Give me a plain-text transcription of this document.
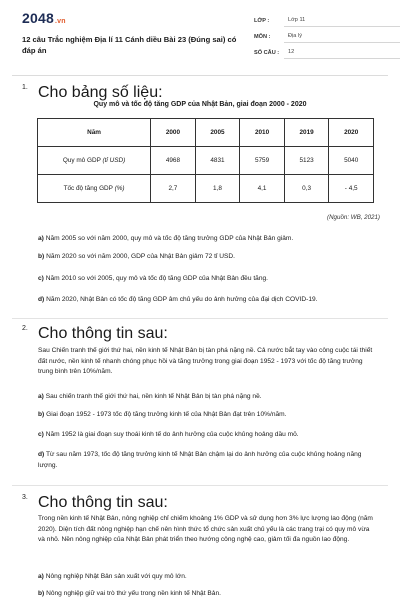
2048.vn
12 câu Trắc nghiệm Địa lí 11 Cánh diều Bài 23 (Đúng sai) có đáp án
LỚP :	Lớp 11
MÔN :	Địa lý
SỐ CÂU :	12
1. Cho bảng số liệu:
Quy mô và tốc độ tăng GDP của Nhật Bản, giai đoạn 2000 - 2020
Năm	2000	2005	2010	2019	2020
Quy mô GDP (tỉ USD)	4968	4831	5759	5123	5040
Tốc độ tăng GDP (%)	2,7	1,8	4,1	0,3	- 4,5
(Nguồn: WB, 2021)
a) Năm 2005 so với năm 2000, quy mô và tốc độ tăng trưởng GDP của Nhật Bản giảm.
b) Năm 2020 so với năm 2000, GDP của Nhật Bản giảm 72 tỉ USD.
c) Năm 2010 so với 2005, quy mô và tốc độ tăng GDP của Nhật Bản đều tăng.
d) Năm 2020, Nhật Bản có tốc độ tăng GDP âm chủ yếu do ảnh hưởng của đại dịch COVID-19.
2. Cho thông tin sau:
Sau Chiến tranh thế giới thứ hai, nền kinh tế Nhật Bản bị tàn phá nặng nề. Cả nước bắt tay vào công cuộc tái thiết đất nước, nền kinh tế nhanh chóng phục hồi và tăng trưởng trong giai đoạn 1952 - 1973 với tốc độ tăng trưởng trung bình trên 10%/năm.
a) Sau chiến tranh thế giới thứ hai, nền kinh tế Nhật Bản bị tàn phá nặng nề.
b) Giai đoạn 1952 - 1973 tốc độ tăng trưởng kinh tế của Nhật Bản đạt trên 10%/năm.
c) Năm 1952 là giai đoạn suy thoái kinh tế do ảnh hưởng của cuộc khủng hoảng dầu mỏ.
d) Từ sau năm 1973, tốc độ tăng trưởng kinh tế Nhật Bản chậm lại do ảnh hưởng của cuộc khủng hoảng năng lượng.
3. Cho thông tin sau:
Trong nền kinh tế Nhật Bản, nông nghiệp chỉ chiếm khoảng 1% GDP và sử dụng hơn 3% lực lượng lao động (năm 2020). Diện tích đất nông nghiệp hạn chế nên hình thức tổ chức sản xuất chủ yếu là các trang trại có quy mô vừa và nhỏ. Nền nông nghiệp của Nhật Bản phát triển theo hướng công nghệ cao, giảm tối đa nguồn lao động.
a) Nông nghiệp Nhật Bản sản xuất với quy mô lớn.
b) Nông nghiệp giữ vai trò thứ yếu trong nền kinh tế Nhật Bản.
